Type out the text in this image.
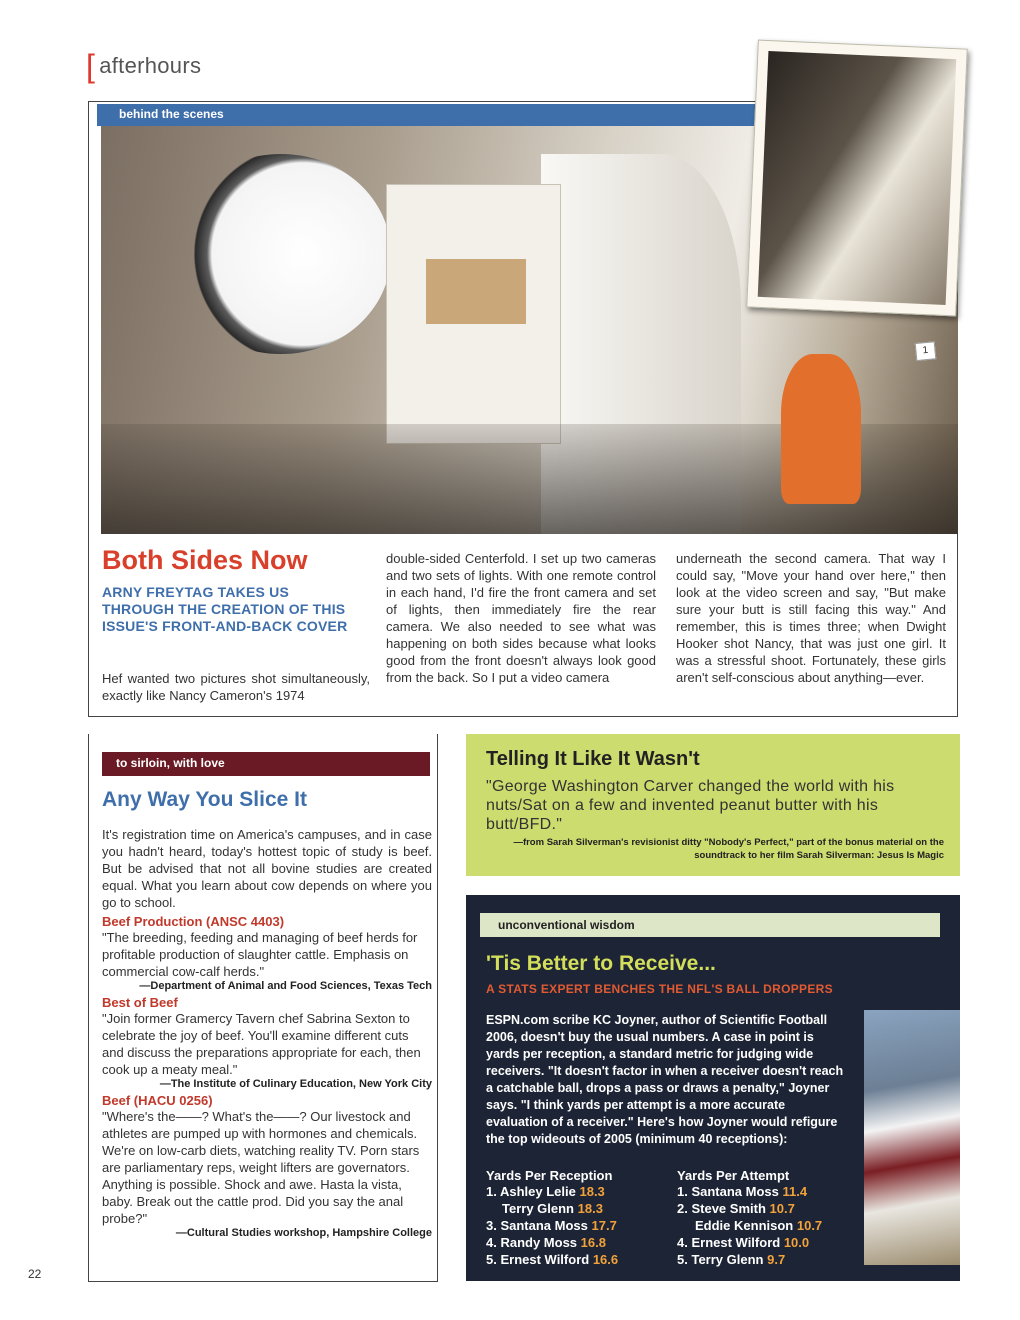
[ afterhours
behind the scenes
1
Both Sides Now
ARNY FREYTAG TAKES US THROUGH THE CREATION OF THIS ISSUE'S FRONT-AND-BACK COVER
Hef wanted two pictures shot simultaneously, exactly like Nancy Cameron's 1974
double-sided Centerfold. I set up two cameras and two sets of lights. With one remote control in each hand, I'd fire the front camera and set of lights, then immediately fire the rear camera. We also needed to see what was happening on both sides because what looks good from the front doesn't always look good from the back. So I put a video camera
underneath the second camera. That way I could say, "Move your hand over here," then look at the video screen and say, "But make sure your butt is still facing this way." And remember, this is times three; when Dwight Hooker shot Nancy, that was just one girl. It was a stressful shoot. Fortunately, these girls aren't self-conscious about anything—ever.
to sirloin, with love
Any Way You Slice It
It's registration time on America's campuses, and in case you hadn't heard, today's hottest topic of study is beef. But be advised that not all bovine studies are created equal. What you learn about cow depends on where you go to school.
Beef Production (ANSC 4403)
"The breeding, feeding and managing of beef herds for profitable production of slaughter cattle. Emphasis on commercial cow-calf herds."
—Department of Animal and Food Sciences, Texas Tech
Best of Beef
"Join former Gramercy Tavern chef Sabrina Sexton to celebrate the joy of beef. You'll examine different cuts and discuss the preparations appropriate for each, then cook up a meaty meal."
—The Institute of Culinary Education, New York City
Beef (HACU 0256)
"Where's the——? What's the——? Our livestock and athletes are pumped up with hormones and chemicals. We're on low-carb diets, watching reality TV. Porn stars are parliamentary reps, weight lifters are governators. Anything is possible. Shock and awe. Hasta la vista, baby. Break out the cattle prod. Did you say the anal probe?"
—Cultural Studies workshop, Hampshire College
22
Telling It Like It Wasn't
"George Washington Carver changed the world with his nuts/Sat on a few and invented peanut butter with his butt/BFD."
—from Sarah Silverman's revisionist ditty "Nobody's Perfect," part of the bonus material on the soundtrack to her film Sarah Silverman: Jesus Is Magic
unconventional wisdom
'Tis Better to Receive...
A STATS EXPERT BENCHES THE NFL'S BALL DROPPERS
ESPN.com scribe KC Joyner, author of Scientific Football 2006, doesn't buy the usual numbers. A case in point is yards per reception, a standard metric for judging wide receivers. "It doesn't factor in when a receiver doesn't reach a catchable ball, drops a pass or draws a penalty," Joyner says. "I think yards per attempt is a more accurate evaluation of a receiver." Here's how Joyner would refigure the top wideouts of 2005 (minimum 40 receptions):
Yards Per Reception
1. Ashley Lelie 18.3
Terry Glenn 18.3
3. Santana Moss 17.7
4. Randy Moss 16.8
5. Ernest Wilford 16.6
Yards Per Attempt
1. Santana Moss 11.4
2. Steve Smith 10.7
Eddie Kennison 10.7
4. Ernest Wilford 10.0
5. Terry Glenn 9.7
